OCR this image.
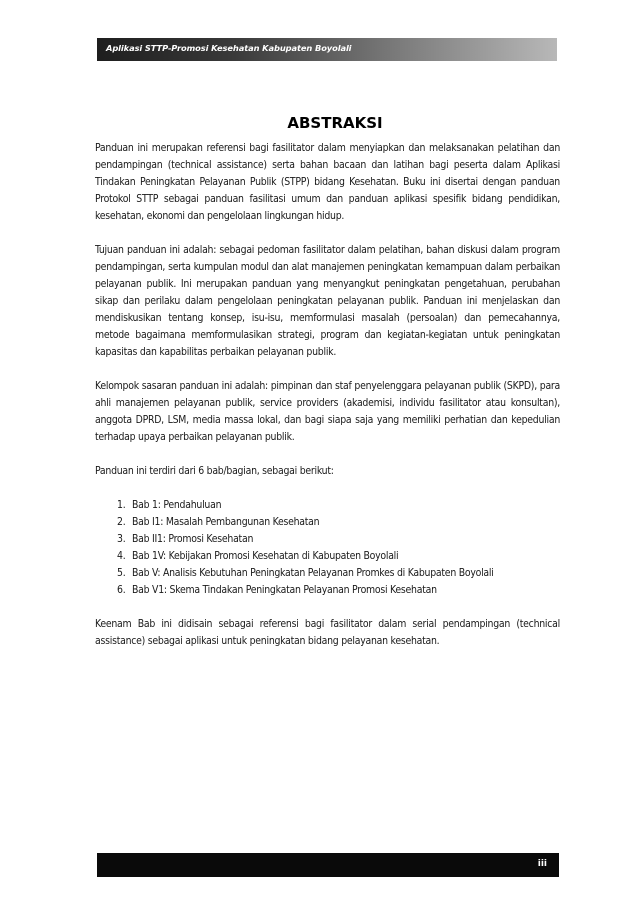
Aplikasi STTP-Promosi Kesehatan Kabupaten Boyolali
ABSTRAKSI

Panduan ini merupakan referensi bagi fasilitator dalam menyiapkan dan melaksanakan pelatihan dan pendampingan (technical assistance) serta bahan bacaan dan latihan bagi peserta dalam Aplikasi Tindakan Peningkatan Pelayanan Publik (STPP) bidang Kesehatan. Buku ini disertai dengan panduan Protokol STTP sebagai panduan fasilitasi umum dan panduan aplikasi spesifik bidang pendidikan, kesehatan, ekonomi dan pengelolaan lingkungan hidup.

Tujuan panduan ini adalah: sebagai pedoman fasilitator dalam pelatihan, bahan diskusi dalam program pendampingan, serta kumpulan modul dan alat manajemen peningkatan kemampuan dalam perbaikan pelayanan publik. Ini merupakan panduan yang menyangkut peningkatan pengetahuan, perubahan sikap dan perilaku dalam pengelolaan peningkatan pelayanan publik. Panduan ini menjelaskan dan mendiskusikan tentang konsep, isu-isu, memformulasi masalah (persoalan) dan pemecahannya, metode bagaimana memformulasikan strategi, program dan kegiatan-kegiatan untuk peningkatan kapasitas dan kapabilitas perbaikan pelayanan publik.

Kelompok sasaran panduan ini adalah: pimpinan dan staf penyelenggara pelayanan publik (SKPD), para ahli manajemen pelayanan publik, service providers (akademisi, individu fasilitator atau konsultan), anggota DPRD, LSM, media massa lokal, dan bagi siapa saja yang memiliki perhatian dan kepedulian terhadap upaya perbaikan pelayanan publik.

Panduan ini terdiri dari 6 bab/bagian, sebagai berikut:

1. Bab 1: Pendahuluan
2. Bab I1: Masalah Pembangunan Kesehatan
3. Bab II1: Promosi Kesehatan
4. Bab 1V: Kebijakan Promosi Kesehatan di Kabupaten Boyolali
5. Bab V: Analisis Kebutuhan Peningkatan Pelayanan Promkes di Kabupaten Boyolali
6. Bab V1: Skema Tindakan Peningkatan Pelayanan Promosi Kesehatan

Keenam Bab ini didisain sebagai referensi bagi fasilitator dalam serial pendampingan (technical assistance) sebagai aplikasi untuk peningkatan bidang pelayanan kesehatan.

iii
